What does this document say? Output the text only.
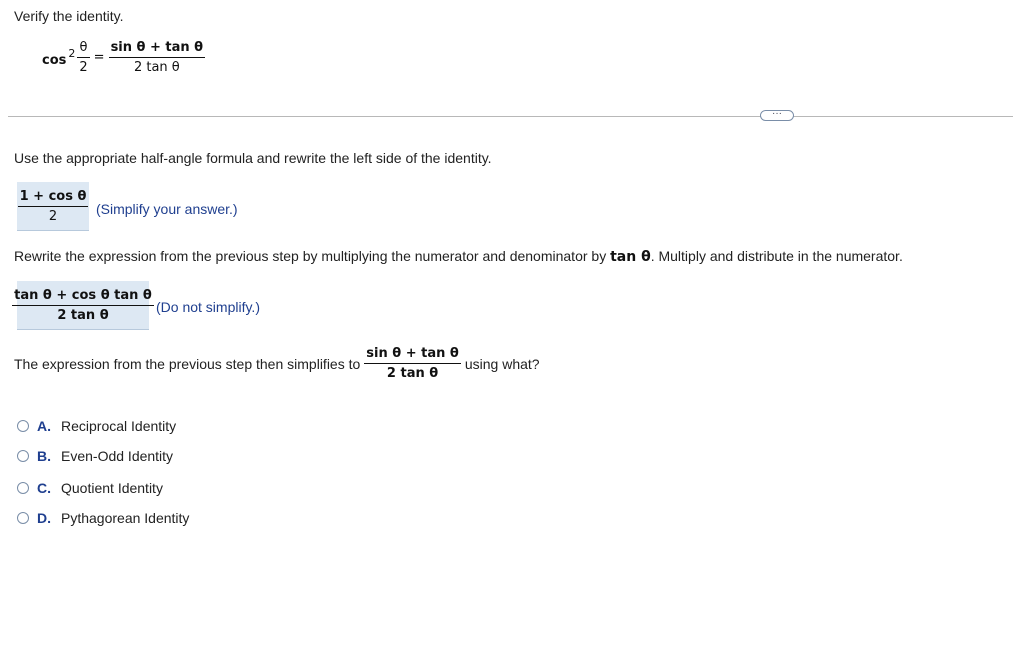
Verify the identity.
$\cos^2 \frac{\theta}{2} = \frac{\text{sin θ + tan θ}}{\text{2 tan θ}}$
···
Use the appropriate half-angle formula and rewrite the left side of the identity.
$\frac{\text{1 + cos θ}}{2}$ (Simplify your answer.)
Rewrite the expression from the previous step by multiplying the numerator and denominator by tan θ. Multiply and distribute in the numerator.
$\frac{\text{tan θ + cos θ tan θ}}{\text{2 tan θ}} (Do$ not simplify.)
The expression from the previous step then simplifies to $\frac{\text{sin θ + tan θ}}{\text{2 tan θ}}$ using what?
A. Reciprocal Identity
B. Even-Odd Identity
C. Quotient Identity
D. Pythagorean Identity
